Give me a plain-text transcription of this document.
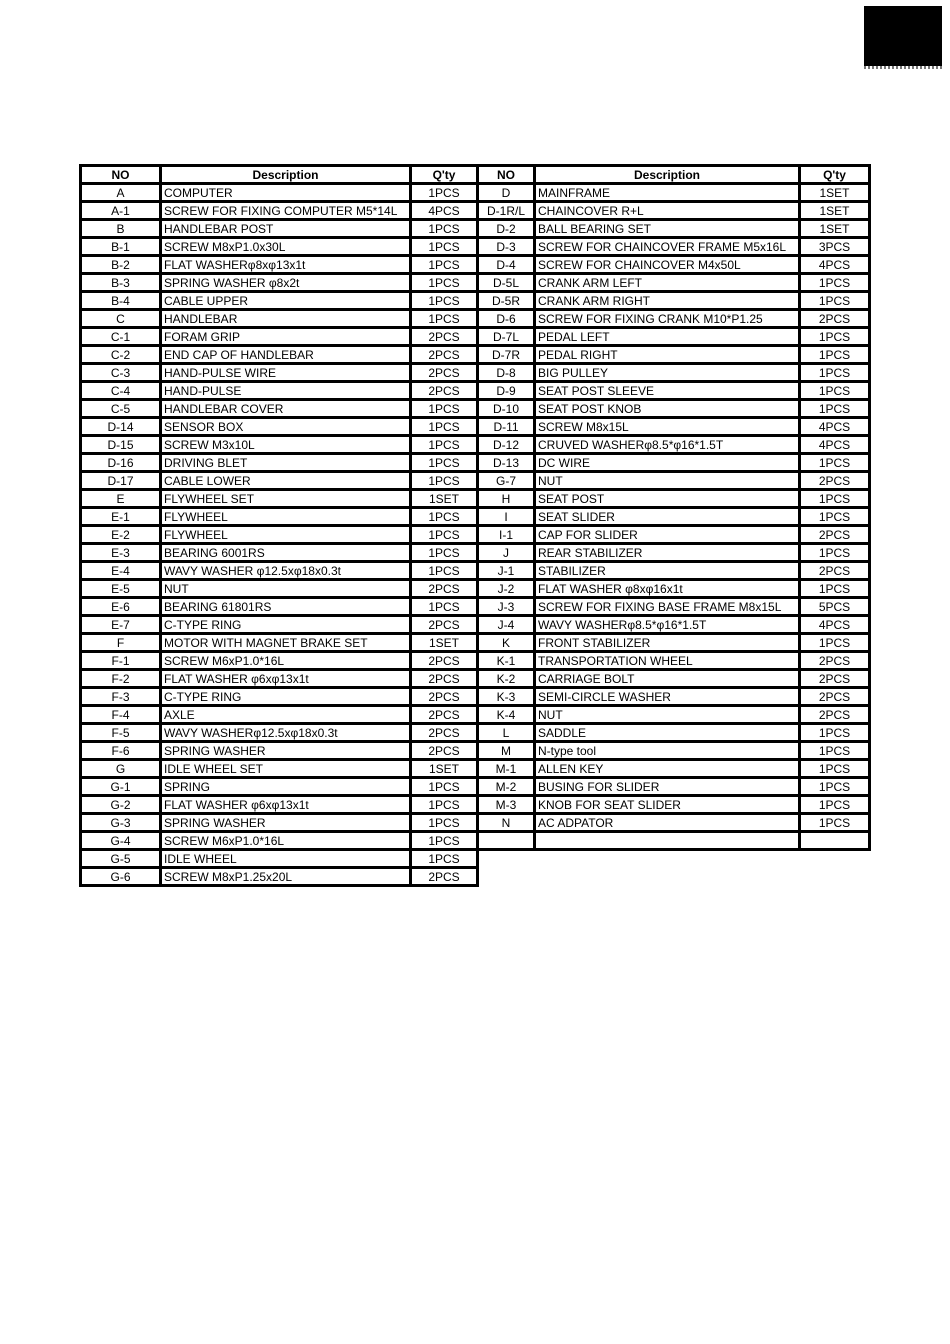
NO	Description	Q'ty
A	COMPUTER	1PCS
A-1	SCREW FOR FIXING COMPUTER M5*14L	4PCS
B	HANDLEBAR POST	1PCS
B-1	SCREW M8xP1.0x30L	1PCS
B-2	FLAT WASHERφ8xφ13x1t	1PCS
B-3	SPRING WASHER φ8x2t	1PCS
B-4	CABLE UPPER	1PCS
C	HANDLEBAR	1PCS
C-1	FORAM GRIP	2PCS
C-2	END CAP OF HANDLEBAR	2PCS
C-3	HAND-PULSE WIRE	2PCS
C-4	HAND-PULSE	2PCS
C-5	HANDLEBAR COVER	1PCS
D-14	SENSOR BOX	1PCS
D-15	SCREW M3x10L	1PCS
D-16	DRIVING BLET	1PCS
D-17	CABLE LOWER	1PCS
E	FLYWHEEL SET	1SET
E-1	FLYWHEEL	1PCS
E-2	FLYWHEEL	1PCS
E-3	BEARING 6001RS	1PCS
E-4	WAVY WASHER φ12.5xφ18x0.3t	1PCS
E-5	NUT	2PCS
E-6	BEARING 61801RS	1PCS
E-7	C-TYPE RING	2PCS
F	MOTOR WITH MAGNET BRAKE SET	1SET
F-1	SCREW M6xP1.0*16L	2PCS
F-2	FLAT WASHER φ6xφ13x1t	2PCS
F-3	C-TYPE RING	2PCS
F-4	AXLE	2PCS
F-5	WAVY WASHERφ12.5xφ18x0.3t	2PCS
F-6	SPRING WASHER	2PCS
G	IDLE WHEEL SET	1SET
G-1	SPRING	1PCS
G-2	FLAT WASHER φ6xφ13x1t	1PCS
G-3	SPRING WASHER	1PCS
G-4	SCREW M6xP1.0*16L	1PCS
G-5	IDLE WHEEL	1PCS
G-6	SCREW M8xP1.25x20L	2PCS
NO	Description	Q'ty
D	MAINFRAME	1SET
D-1R/L	CHAINCOVER R+L	1SET
D-2	BALL BEARING SET	1SET
D-3	SCREW FOR CHAINCOVER FRAME M5x16L	3PCS
D-4	SCREW FOR CHAINCOVER M4x50L	4PCS
D-5L	CRANK ARM LEFT	1PCS
D-5R	CRANK ARM RIGHT	1PCS
D-6	SCREW FOR FIXING CRANK M10*P1.25	2PCS
D-7L	PEDAL LEFT	1PCS
D-7R	PEDAL RIGHT	1PCS
D-8	BIG PULLEY	1PCS
D-9	SEAT POST SLEEVE	1PCS
D-10	SEAT POST KNOB	1PCS
D-11	SCREW M8x15L	4PCS
D-12	CRUVED WASHERφ8.5*φ16*1.5T	4PCS

D-13	DC WIRE	1PCS
G-7	NUT	2PCS
H	SEAT POST	1PCS
I	SEAT SLIDER	1PCS
I-1	CAP FOR SLIDER	2PCS
J	REAR STABILIZER	1PCS
J-1	STABILIZER	2PCS
J-2	FLAT WASHER φ8xφ16x1t	1PCS
J-3	SCREW FOR FIXING BASE FRAME M8x15L	5PCS
J-4	WAVY WASHERφ8.5*φ16*1.5T	4PCS
K	FRONT STABILIZER	1PCS
K-1	TRANSPORTATION WHEEL	2PCS
K-2	CARRIAGE BOLT	2PCS
K-3	SEMI-CIRCLE WASHER	2PCS
K-4	NUT	2PCS
L	SADDLE	1PCS
M	N-type tool	1PCS
M-1	ALLEN KEY	1PCS
M-2	BUSING FOR SLIDER	1PCS
M-3	KNOB FOR SEAT SLIDER	1PCS
N	AC ADPATOR	1PCS
